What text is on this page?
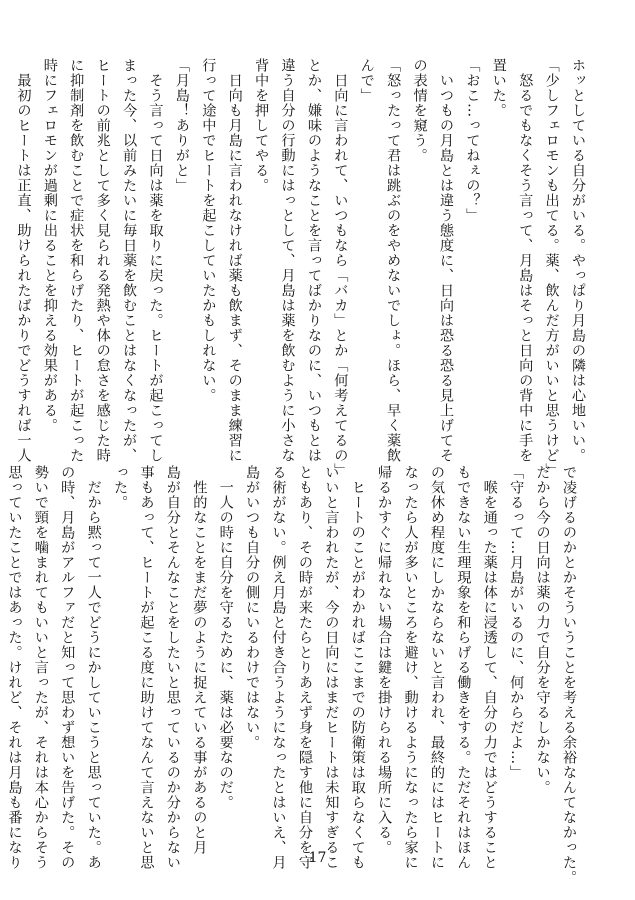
ホッとしている自分がいる。やっぱり月島の隣は心地いい。
「少しフェロモンも出てる。薬、飲んだ方がいいと思うけど」
　怒るでもなくそう言って、月島はそっと日向の背中に手を
置いた。
「おこ…ってねぇの？」
　いつもの月島とは違う態度に、日向は恐る恐る見上げてそ
の表情を窺う。
「怒ったって君は跳ぶのをやめないでしょ。ほら、早く薬飲
んで」
　日向に言われて、いつもなら「バカ」とか「何考えてるの」
とか、嫌味のようなことを言ってばかりなのに、いつもとは
違う自分の行動にはっとして、月島は薬を飲むように小さな
背中を押してやる。
　日向も月島に言われなければ薬も飲まず、そのまま練習に
行って途中でヒートを起こしていたかもしれない。
「月島！ありがと」
　そう言って日向は薬を取りに戻った。ヒートが起こってし
まった今、以前みたいに毎日薬を飲むことはなくなったが、
ヒートの前兆として多く見られる発熱や体の怠さを感じた時
に抑制剤を飲むことで症状を和らげたり、ヒートが起こった
時にフェロモンが過剰に出ることを抑える効果がある。
　最初のヒートは正直、助けられたばかりでどうすれば一人
で凌げるのかとかそういうことを考える余裕なんてなかった。
だから今の日向は薬の力で自分を守るしかない。
「守るって…月島がいるのに、何からだよ…」
　喉を通った薬は体に浸透して、自分の力ではどうすること
もできない生理現象を和らげる働きをする。ただそれはほん
の気休め程度にしかならないと言われ、最終的にはヒートに
なったら人が多いところを避け、動けるようになったら家に
帰るかすぐに帰れない場合は鍵を掛けられる場所に入る。
　ヒートのことがわかればここまでの防衛策は取らなくても
いいと言われたが、今の日向にはまだヒートは未知すぎるこ
ともあり、その時が来たらとりあえず身を隠す他に自分を守
る術がない。例え月島と付き合うようになったとはいえ、月
島がいつも自分の側にいるわけではない。
　一人の時に自分を守るために、薬は必要なのだ。
　性的なことをまだ夢のように捉えている事があるのと月
島が自分とそんなことをしたいと思っているのか分からない
事もあって、ヒートが起こる度に助けてなんて言えないと思
った。
　だから黙って一人でどうにかしていこうと思っていた。あ
の時、月島がアルファだと知って思わず想いを告げた。その
勢いで頸を噛まれてもいいと言ったが、それは本心からそう
思っていたことではあった。けれど、それは月島も番になり	17
